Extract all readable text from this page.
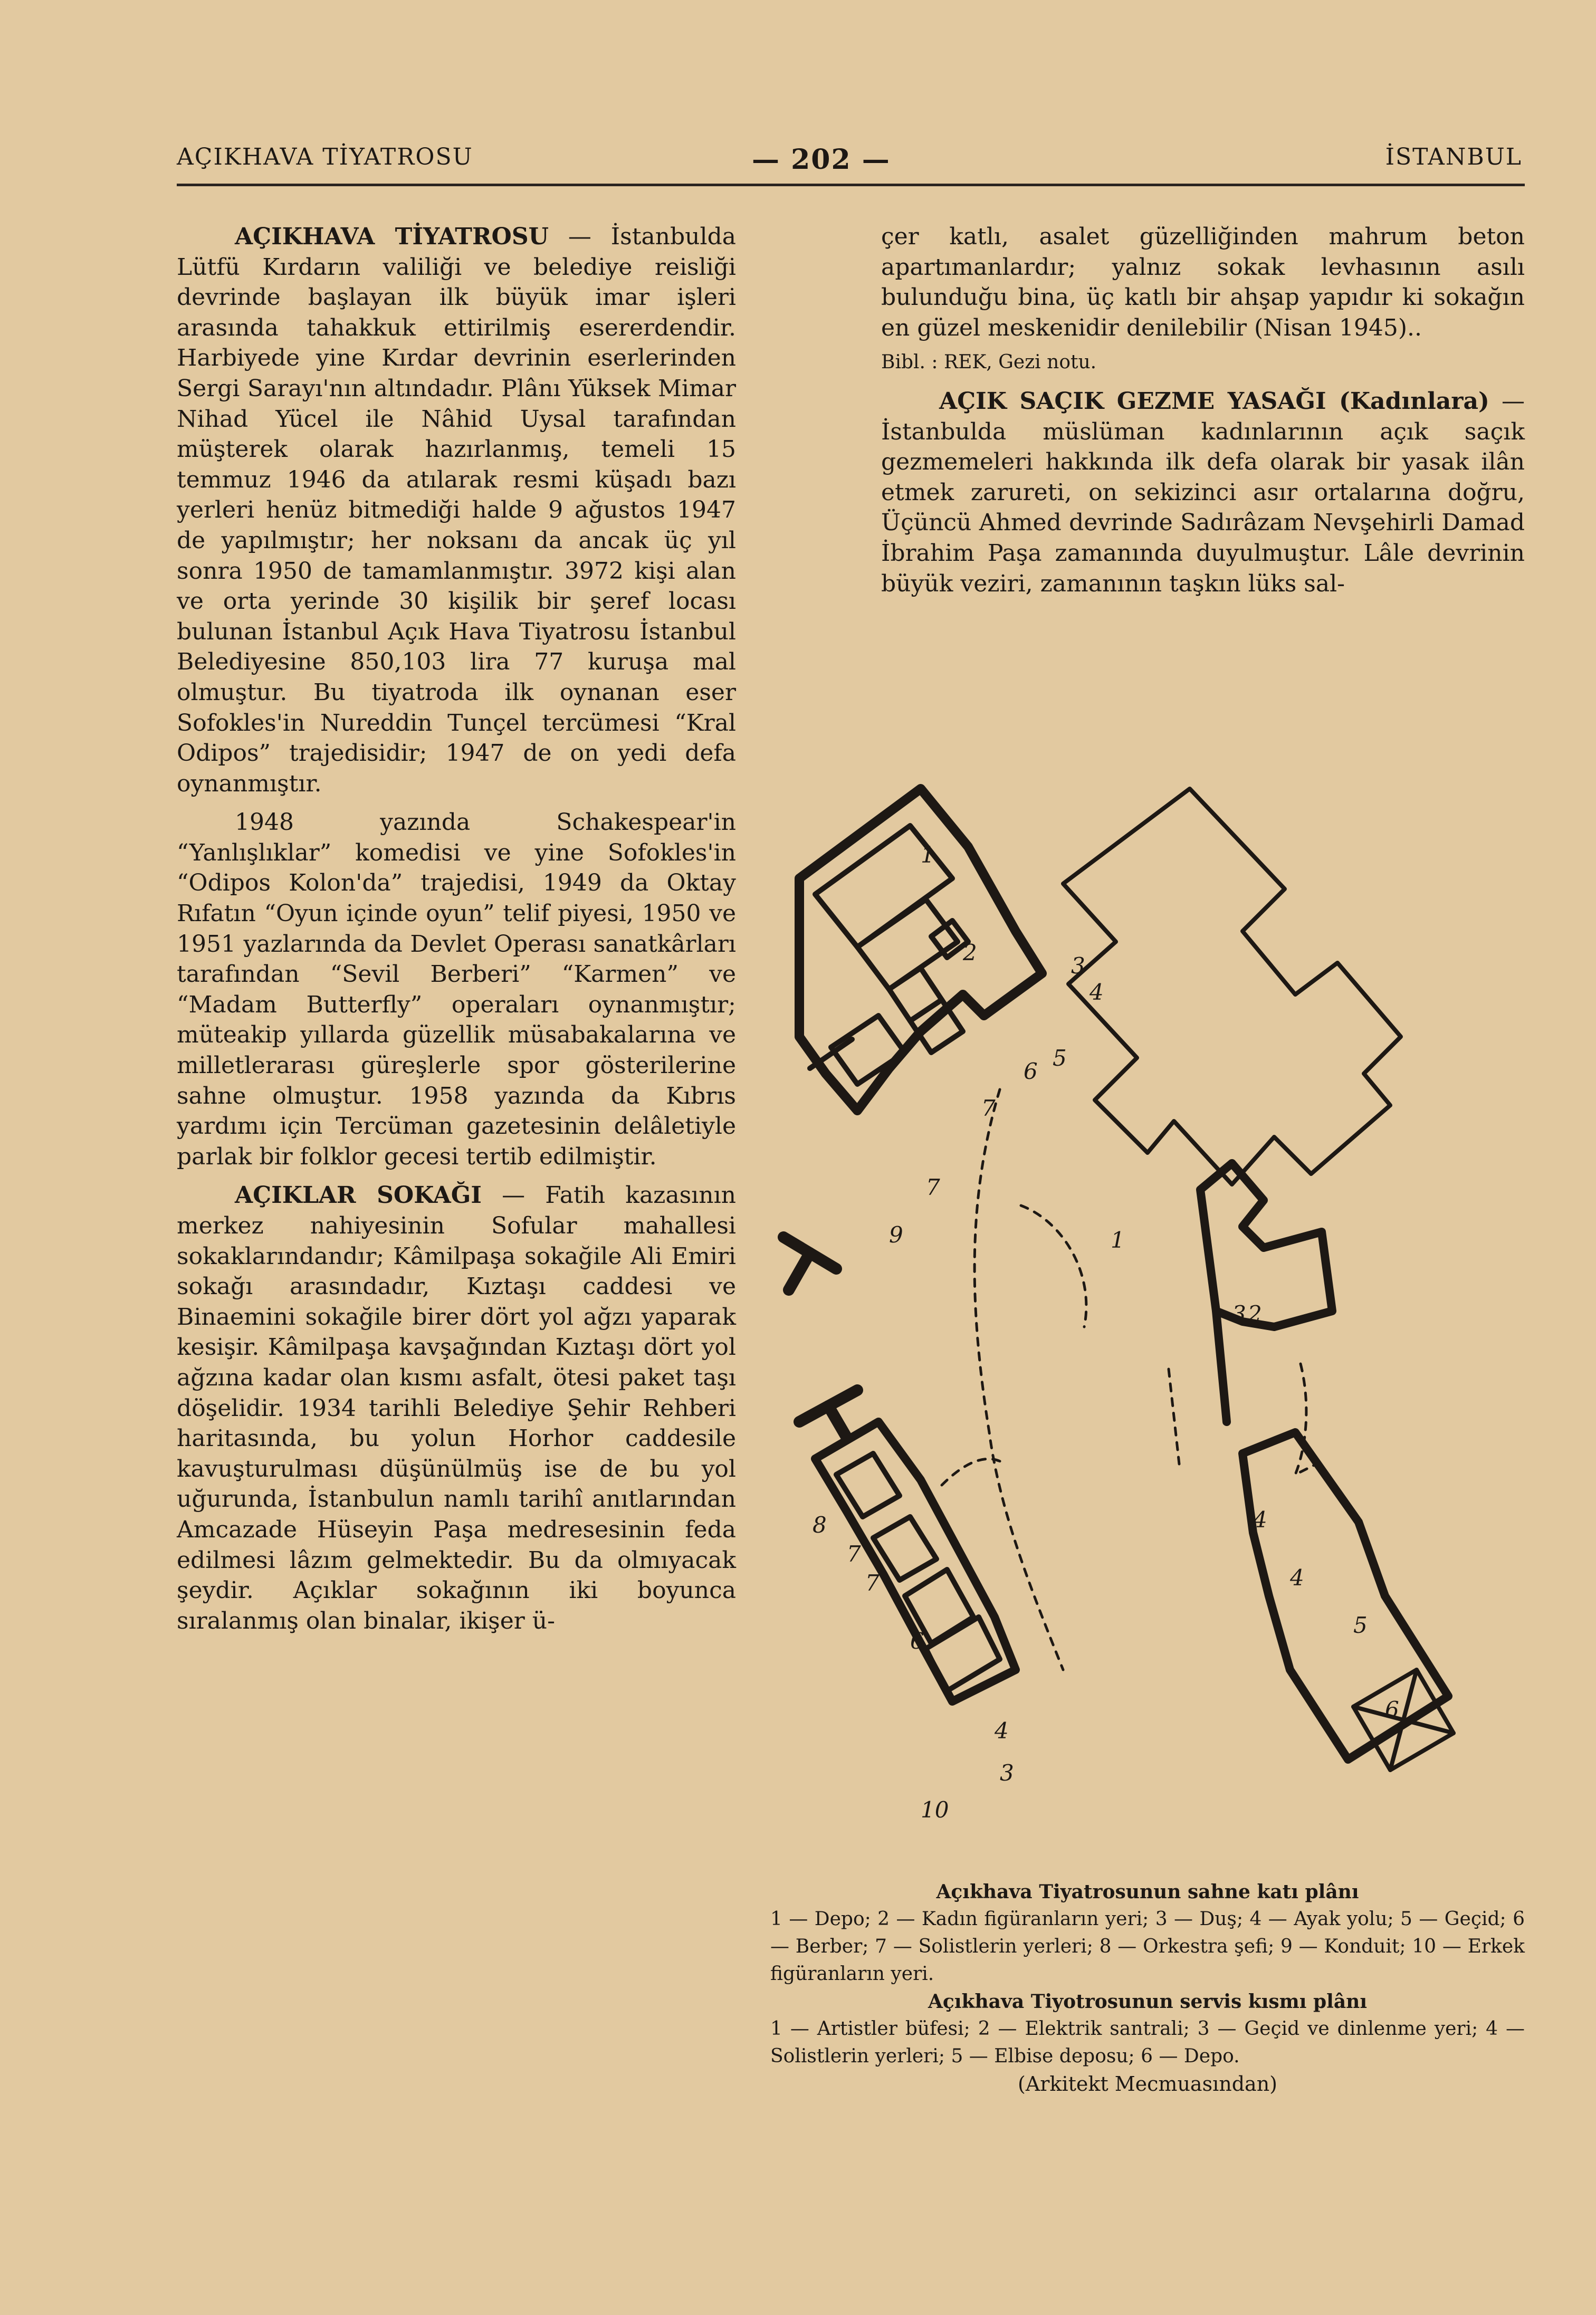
AÇIKHAVA TİYATROSU	— 202 —	İSTANBUL

AÇIKHAVA TİYATROSU — İstanbulda Lütfü Kırdarın valiliği ve belediye reisliği devrinde başlayan ilk büyük imar işleri arasında tahakkuk ettirilmiş esererdendir. Harbiyede yine Kırdar devrinin eserlerinden Sergi Sarayı'nın altındadır. Plânı Yüksek Mimar Nihad Yücel ile Nâhid Uysal tarafından müşterek olarak hazırlanmış, temeli 15 temmuz 1946 da atılarak resmi küşadı bazı yerleri henüz bitmediği halde 9 ağustos 1947 de yapılmıştır; her noksanı da ancak üç yıl sonra 1950 de tamamlanmıştır. 3972 kişi alan ve orta yerinde 30 kişilik bir şeref locası bulunan İstanbul Açık Hava Tiyatrosu İstanbul Belediyesine 850,103 lira 77 kuruşa mal olmuştur. Bu tiyatroda ilk oynanan eser Sofokles'in Nureddin Tunçel tercümesi “Kral Odipos” trajedisidir; 1947 de on yedi defa oynanmıştır.

1948 yazında Schakespear'in “Yanlışlıklar” komedisi ve yine Sofokles'in “Odipos Kolon'da” trajedisi, 1949 da Oktay Rıfatın “Oyun içinde oyun” telif piyesi, 1950 ve 1951 yazlarında da Devlet Operası sanatkârları tarafından “Sevil Berberi” “Karmen” ve “Madam Butterfly” operaları oynanmıştır; müteakip yıllarda güzellik müsabakalarına ve milletlerarası güreşlerle spor gösterilerine sahne olmuştur. 1958 yazında da Kıbrıs yardımı için Tercüman gazetesinin delâletiyle parlak bir folklor gecesi tertib edilmiştir.

AÇIKLAR SOKAĞI — Fatih kazasının merkez nahiyesinin Sofular mahallesi sokaklarındandır; Kâmilpaşa sokağile Ali Emiri sokağı arasındadır, Kıztaşı caddesi ve Binaemini sokağile birer dört yol ağzı yaparak kesişir. Kâmilpaşa kavşağından Kıztaşı dört yol ağzına kadar olan kısmı asfalt, ötesi paket taşı döşelidir. 1934 tarihli Belediye Şehir Rehberi haritasında, bu yolun Horhor caddesile kavuşturulması düşünülmüş ise de bu yol uğurunda, İstanbulun namlı tarihî anıtlarından Amcazade Hüseyin Paşa medresesinin feda edilmesi lâzım gelmektedir. Bu da olmıyacak şeydir. Açıklar sokağının iki boyunca sıralanmış olan binalar, ikişer ü-

çer katlı, asalet güzelliğinden mahrum beton apartımanlardır; yalnız sokak levhasının asılı bulunduğu bina, üç katlı bir ahşap yapıdır ki sokağın en güzel meskenidir denilebilir (Nisan 1945)..

Bibl. : REK, Gezi notu.

AÇIK SAÇIK GEZME YASAĞI (Kadınlara) — İstanbulda müslüman kadınlarının açık saçık gezmemeleri hakkında ilk defa olarak bir yasak ilân etmek zarureti, on sekizinci asır ortalarına doğru, Üçüncü Ahmed devrinde Sadırâzam Nevşehirli Damad İbrahim Paşa zamanında duyulmuştur. Lâle devrinin büyük veziri, zamanının taşkın lüks sal-

1
2
3
4
5
6
7
7
9	1
2
3
8
7
7
6
4
3
10
4
4
5
6
Açıkhava Tiyatrosunun sahne katı plânı
1 — Depo; 2 — Kadın figüranların yeri; 3 — Duş; 4 — Ayak yolu; 5 — Geçid; 6 — Berber; 7 — Solistlerin yerleri; 8 — Orkestra şefi; 9 — Konduit; 10 — Erkek figüranların yeri.
Açıkhava Tiyotrosunun servis kısmı plânı
1 — Artistler büfesi; 2 — Elektrik santrali; 3 — Geçid ve dinlenme yeri; 4 — Solistlerin yerleri; 5 — Elbise deposu; 6 — Depo.
(Arkitekt Mecmuasından)
